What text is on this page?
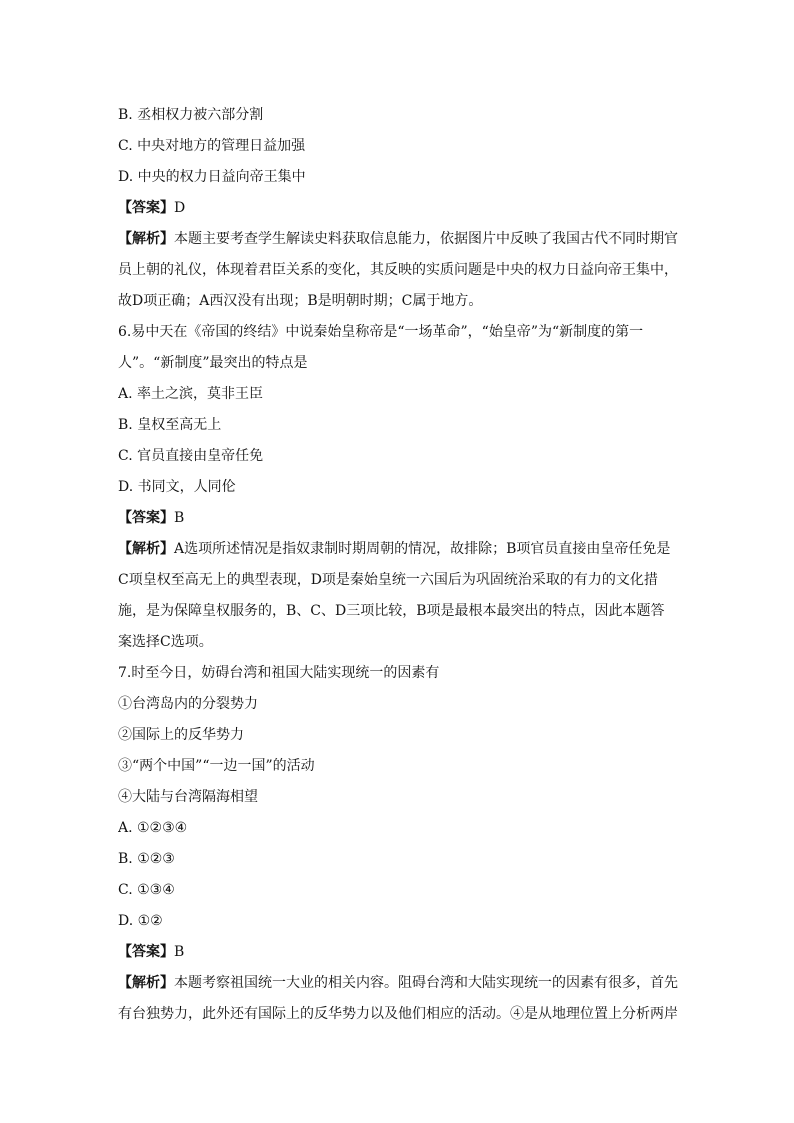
B. 丞相权力被六部分割
C. 中央对地方的管理日益加强
D. 中央的权力日益向帝王集中
【答案】D
【解析】本题主要考查学生解读史料获取信息能力，依据图片中反映了我国古代不同时期官员上朝的礼仪，体现着君臣关系的变化，其反映的实质问题是中央的权力日益向帝王集中，故D项正确；A西汉没有出现；B是明朝时期；C属于地方。
6.易中天在《帝国的终结》中说秦始皇称帝是“一场革命”，“始皇帝”为“新制度的第一人”。“新制度”最突出的特点是
A. 率土之滨，莫非王臣
B. 皇权至高无上
C. 官员直接由皇帝任免
D. 书同文，人同伦
【答案】B
【解析】A选项所述情况是指奴隶制时期周朝的情况，故排除；B项官员直接由皇帝任免是C项皇权至高无上的典型表现，D项是秦始皇统一六国后为巩固统治采取的有力的文化措施，是为保障皇权服务的，B、C、D三项比较，B项是最根本最突出的特点，因此本题答案选择C选项。
7.时至今日，妨碍台湾和祖国大陆实现统一的因素有
①台湾岛内的分裂势力
②国际上的反华势力
③“两个中国”“一边一国”的活动
④大陆与台湾隔海相望
A. ①②③④
B. ①②③
C. ①③④
D. ①②
【答案】B
【解析】本题考察祖国统一大业的相关内容。阻碍台湾和大陆实现统一的因素有很多，首先有台独势力，此外还有国际上的反华势力以及他们相应的活动。④是从地理位置上分析两岸
